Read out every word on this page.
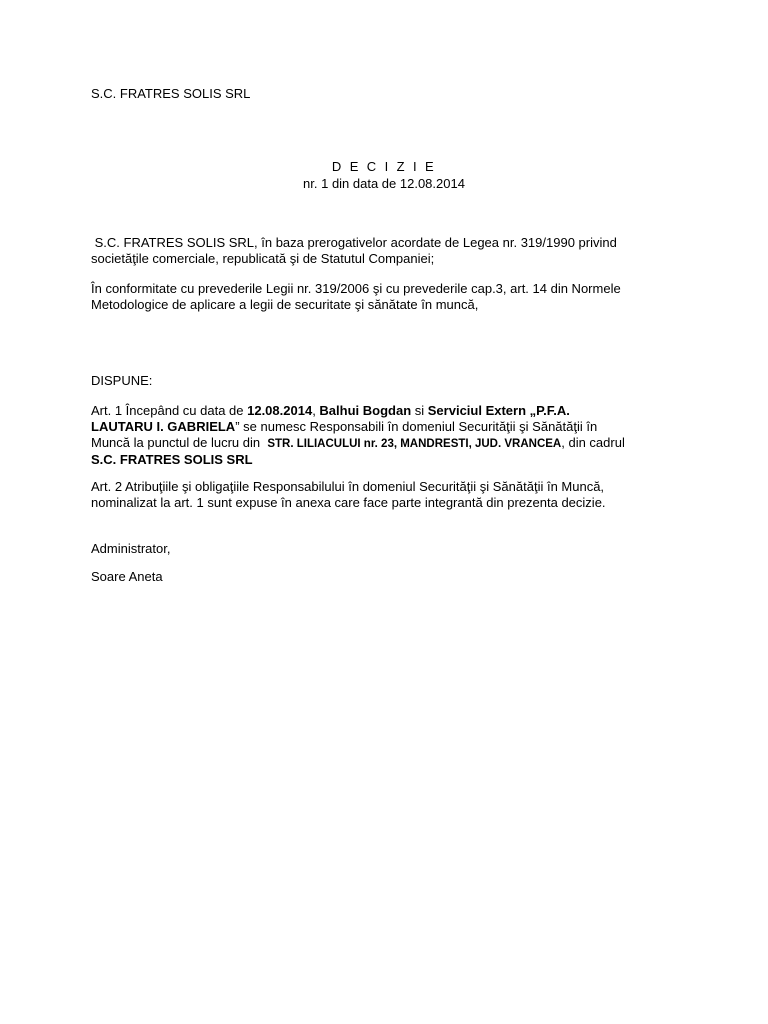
S.C. FRATRES SOLIS SRL
D E C I Z I E
nr. 1 din data de 12.08.2014

S.C. FRATRES SOLIS SRL, în baza prerogativelor acordate de Legea nr. 319/1990 privind

societăţile comerciale, republicată şi de Statutul Companiei;

În conformitate cu prevederile Legii nr. 319/2006 şi cu prevederile cap.3, art. 14 din Normele

Metodologice de aplicare a legii de securitate şi sănătate în muncă,

DISPUNE:

Art. 1 Începând cu data de 12.08.2014, Balhui Bogdan si Serviciul Extern „P.F.A.

LAUTARU I. GABRIELA” se numesc Responsabili în domeniul Securităţii şi Sănătăţii în

Muncă la punctul de lucru din  STR. LILIACULUI nr. 23, MANDRESTI, JUD. VRANCEA, din cadrul

S.C. FRATRES SOLIS SRL

Art. 2 Atribuţiile şi obligaţiile Responsabilului în domeniul Securităţii şi Sănătăţii în Muncă,

nominalizat la art. 1 sunt expuse în anexa care face parte integrantă din prezenta decizie.

Administrator,
Soare Aneta
